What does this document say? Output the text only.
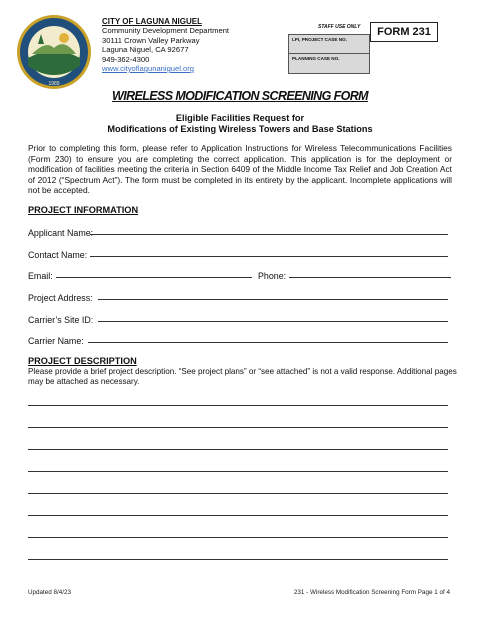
1989
CITY OF LAGUNA NIGUEL
Community Development Department
30111 Crown Valley Parkway
Laguna Niguel, CA 92677
949-362-4300
www.cityoflagunaniguel.org
STAFF USE ONLY
LPI, PROJECT CASE NO.
PLANNING CASE NO.
FORM 231
WIRELESS MODIFICATION SCREENING FORM
Eligible Facilities Request for
Modifications of Existing Wireless Towers and Base Stations
Prior to completing this form, please refer to Application Instructions for Wireless Telecommunications Facilities (Form 230) to ensure you are completing the correct application. This application is for the deployment or modification of facilities meeting the criteria in Section 6409 of the Middle Income Tax Relief and Job Creation Act of 2012 (“Spectrum Act”). The form must be completed in its entirety by the applicant. Incomplete applications will not be accepted.
PROJECT INFORMATION
Applicant Name:
Contact Name:
Email:	Phone:
Project Address:
Carrier’s Site ID:
Carrier Name:
PROJECT DESCRIPTION
Please provide a brief project description. “See project plans” or “see attached” is not a valid response. Additional pages may be attached as necessary.
Updated 8/4/23	231 - Wireless Modification Screening Form Page 1 of 4
